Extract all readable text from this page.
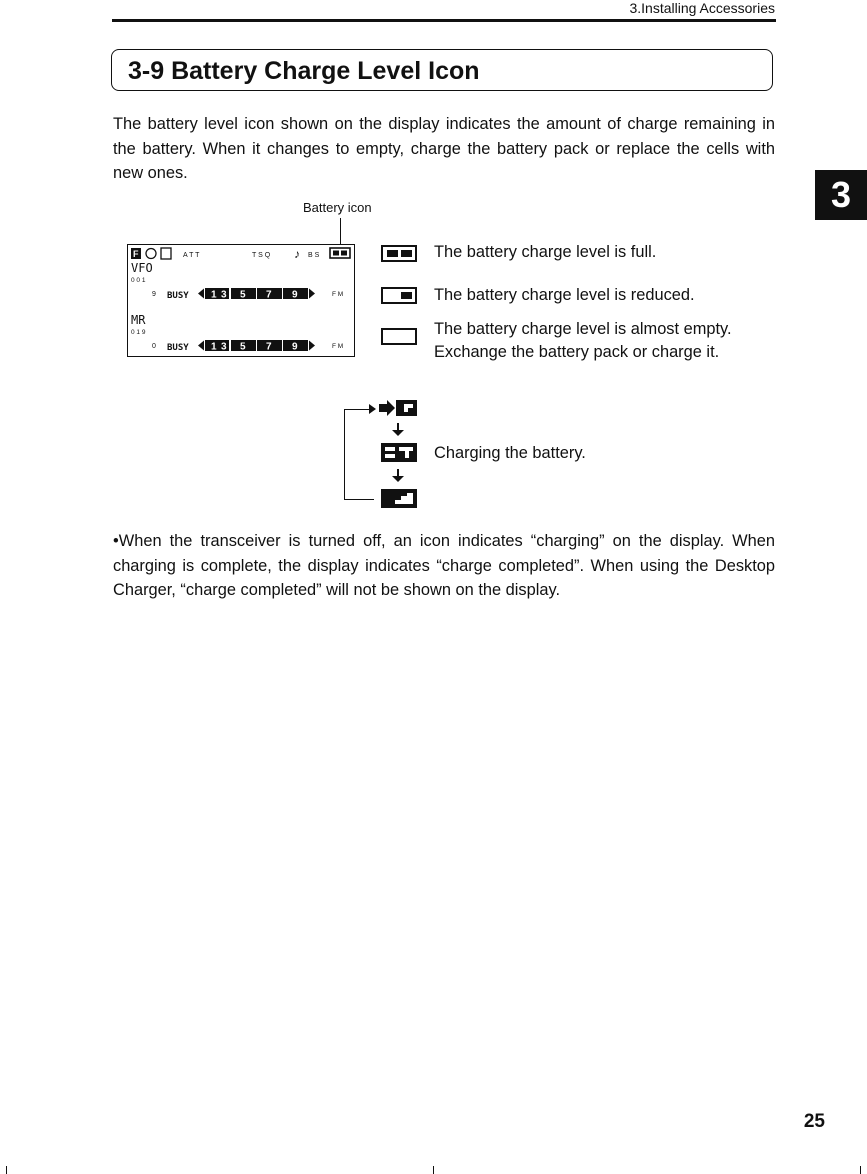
3.Installing Accessories
3-9 Battery Charge Level Icon
The battery level icon shown on the display indicates the amount of charge remaining in the battery. When it changes to empty, charge the battery pack or replace the cells with new ones.
3
Battery icon
F	A T T	T S Q ♪ B S
VFO
0 0 1
9 BUSY 1 3 5 7 9	F M
MR
0 1 9
0 BUSY 1 3 5 7 9	F M
The battery charge level is full.
The battery charge level is reduced.
The battery charge level is almost empty.
Exchange the battery pack or charge it.
Charging the battery.
•When the transceiver is turned off, an icon indicates “charging” on the display. When charging is complete, the display indicates “charge completed”. When using the Desktop Charger, “charge completed” will not be shown on the display.
25
